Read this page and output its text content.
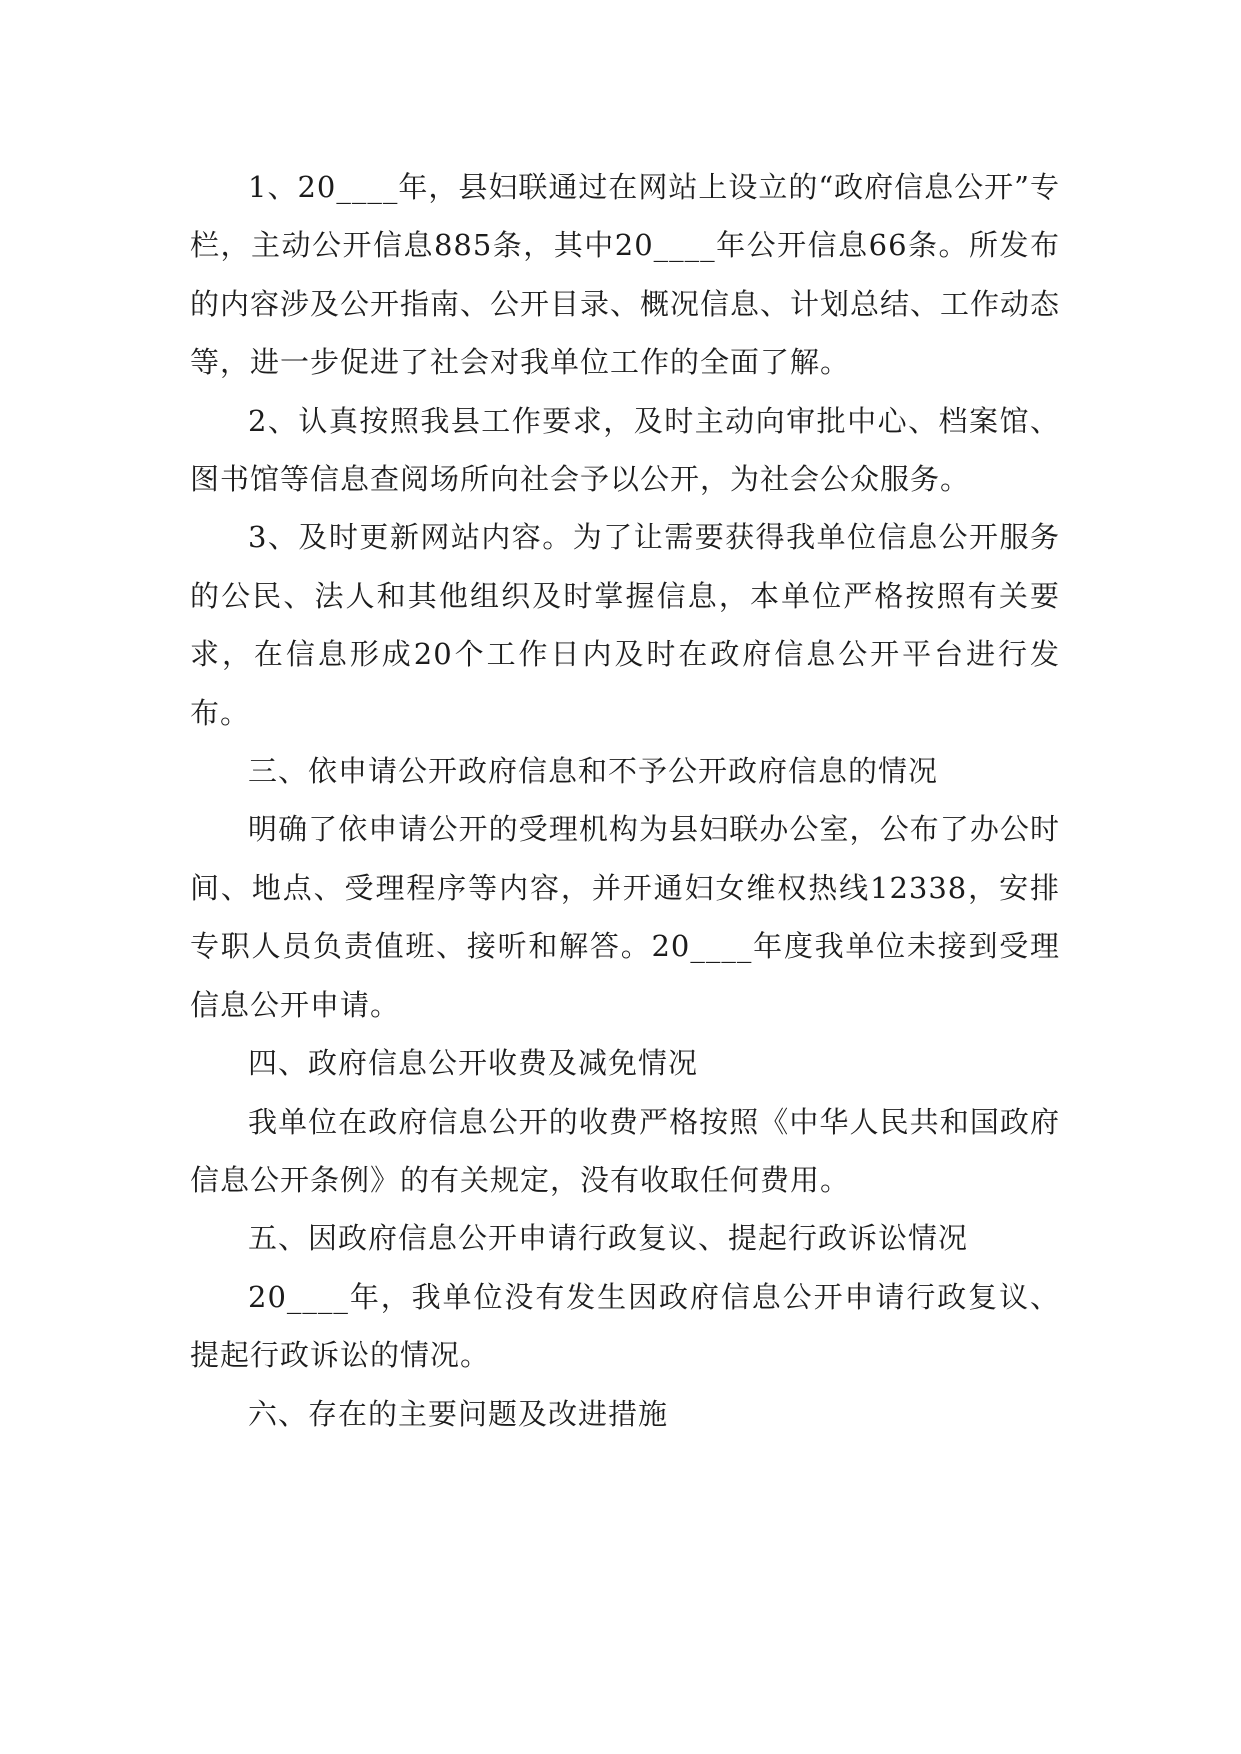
1、20____年，县妇联通过在网站上设立的“政府信息公开”专栏，主动公开信息885条，其中20____年公开信息66条。所发布的内容涉及公开指南、公开目录、概况信息、计划总结、工作动态等，进一步促进了社会对我单位工作的全面了解。

2、认真按照我县工作要求，及时主动向审批中心、档案馆、图书馆等信息查阅场所向社会予以公开，为社会公众服务。

3、及时更新网站内容。为了让需要获得我单位信息公开服务的公民、法人和其他组织及时掌握信息，本单位严格按照有关要求，在信息形成20个工作日内及时在政府信息公开平台进行发布。

三、依申请公开政府信息和不予公开政府信息的情况

明确了依申请公开的受理机构为县妇联办公室，公布了办公时间、地点、受理程序等内容，并开通妇女维权热线12338，安排专职人员负责值班、接听和解答。20____年度我单位未接到受理信息公开申请。

四、政府信息公开收费及减免情况

我单位在政府信息公开的收费严格按照《中华人民共和国政府信息公开条例》的有关规定，没有收取任何费用。

五、因政府信息公开申请行政复议、提起行政诉讼情况

20____年，我单位没有发生因政府信息公开申请行政复议、提起行政诉讼的情况。

六、存在的主要问题及改进措施
